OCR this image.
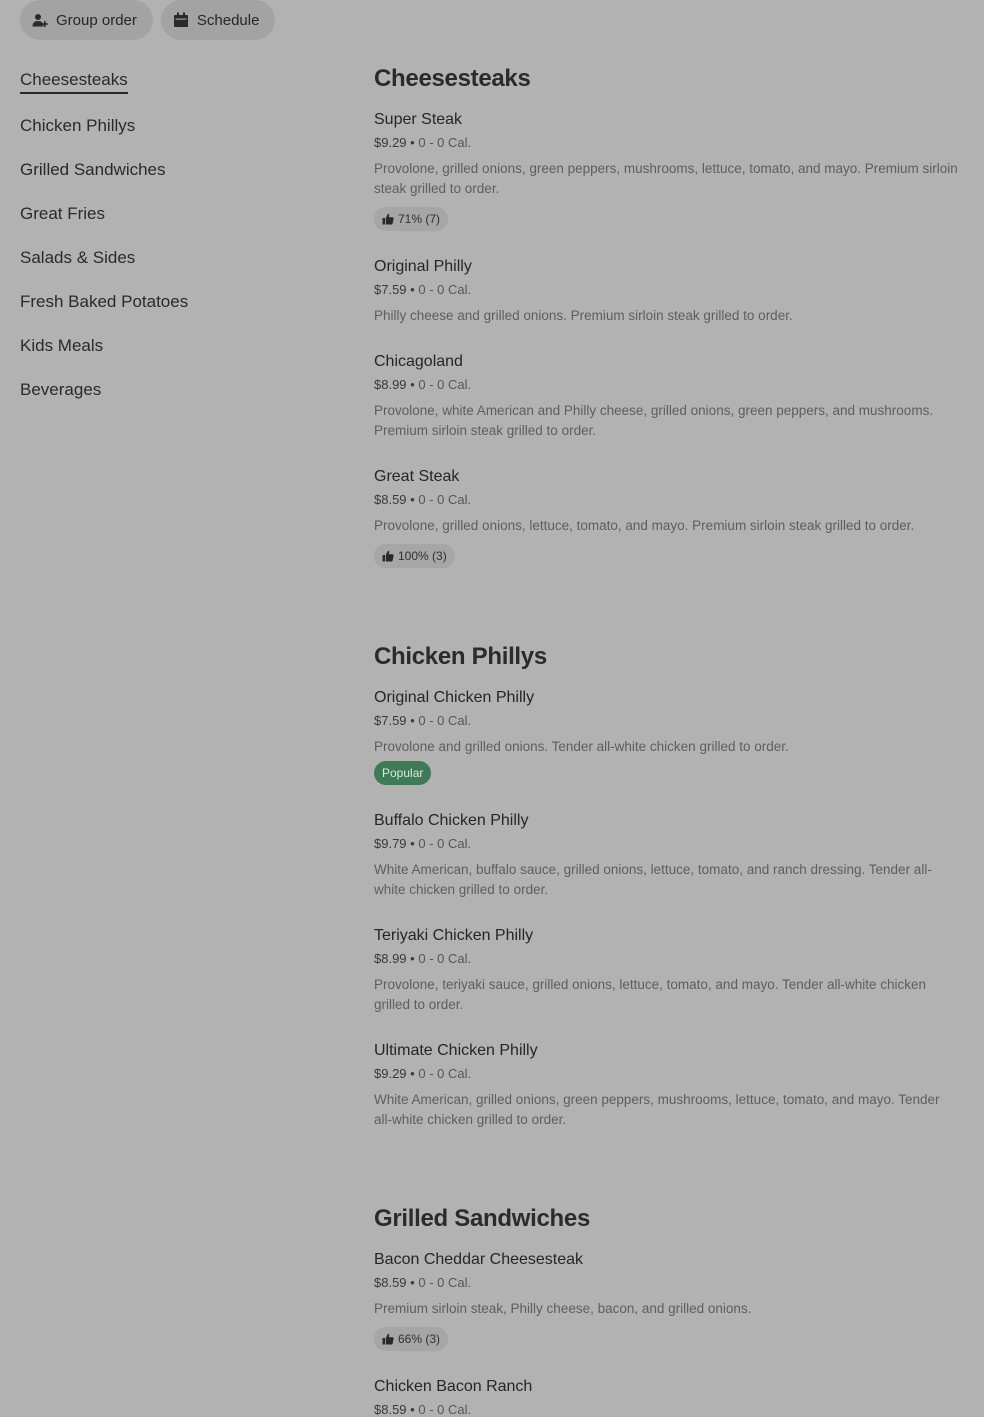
Group order	Schedule
Cheesesteaks
Chicken Phillys
Grilled Sandwiches
Great Fries
Salads & Sides
Fresh Baked Potatoes
Kids Meals
Beverages
Cheesesteaks
Super Steak
$9.29 • 0 - 0 Cal.
Provolone, grilled onions, green peppers, mushrooms, lettuce, tomato, and mayo. Premium sirloin steak grilled to order.
71% (7)
Original Philly
$7.59 • 0 - 0 Cal.
Philly cheese and grilled onions. Premium sirloin steak grilled to order.
Chicagoland
$8.99 • 0 - 0 Cal.
Provolone, white American and Philly cheese, grilled onions, green peppers, and mushrooms. Premium sirloin steak grilled to order.
Great Steak
$8.59 • 0 - 0 Cal.
Provolone, grilled onions, lettuce, tomato, and mayo. Premium sirloin steak grilled to order.
100% (3)
Chicken Phillys
Original Chicken Philly
$7.59 • 0 - 0 Cal.
Provolone and grilled onions. Tender all-white chicken grilled to order.
Popular
Buffalo Chicken Philly
$9.79 • 0 - 0 Cal.
White American, buffalo sauce, grilled onions, lettuce, tomato, and ranch dressing. Tender all-white chicken grilled to order.
Teriyaki Chicken Philly
$8.99 • 0 - 0 Cal.
Provolone, teriyaki sauce, grilled onions, lettuce, tomato, and mayo. Tender all-white chicken grilled to order.
Ultimate Chicken Philly
$9.29 • 0 - 0 Cal.
White American, grilled onions, green peppers, mushrooms, lettuce, tomato, and mayo. Tender all-white chicken grilled to order.
Grilled Sandwiches
Bacon Cheddar Cheesesteak
$8.59 • 0 - 0 Cal.
Premium sirloin steak, Philly cheese, bacon, and grilled onions.
66% (3)
Chicken Bacon Ranch
$8.59 • 0 - 0 Cal.
